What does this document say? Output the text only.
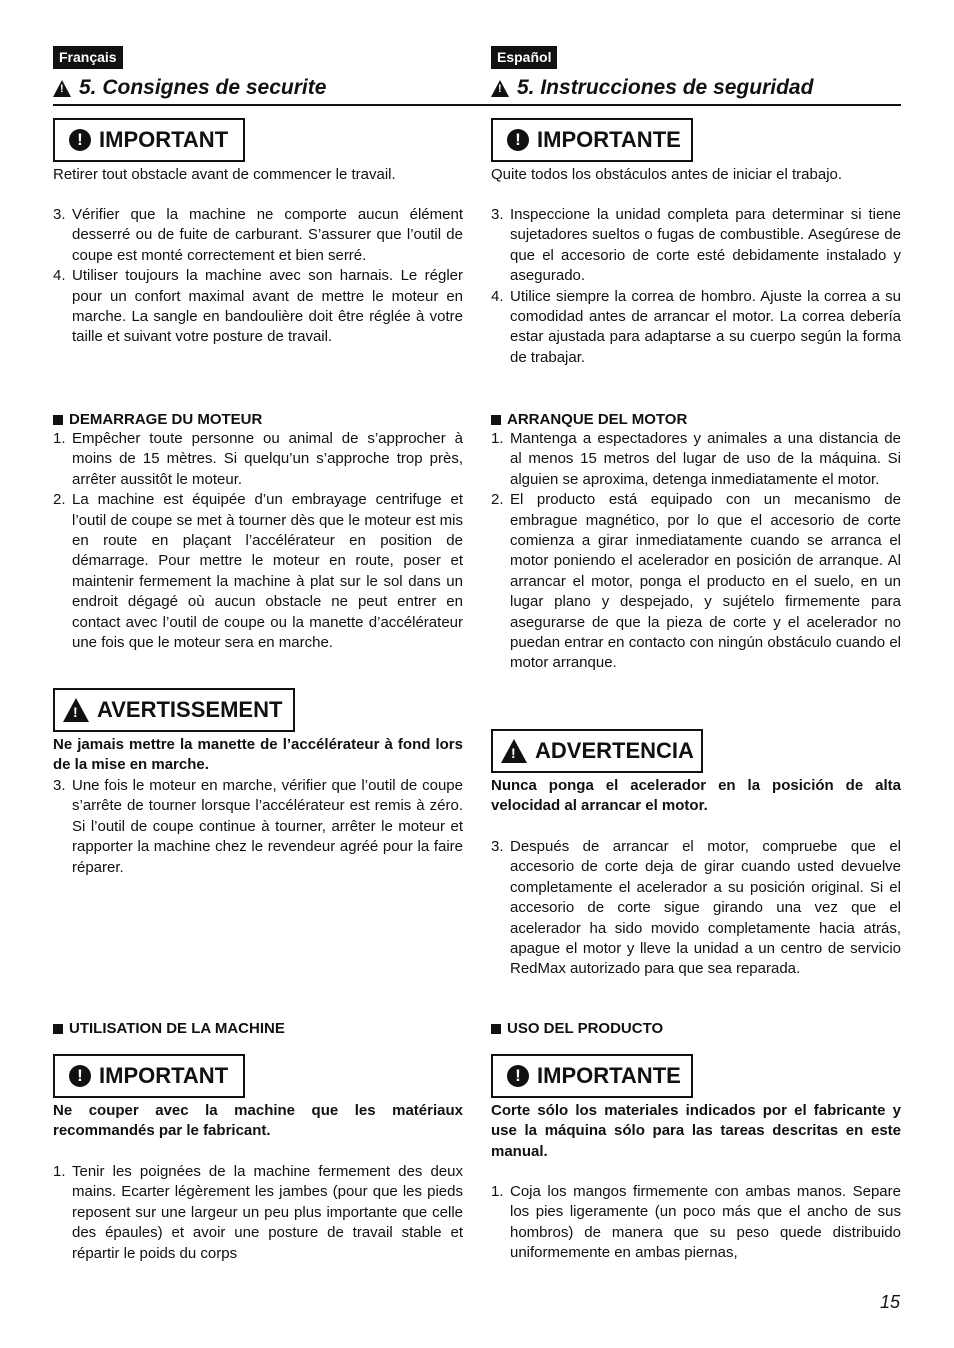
Français
!
5. Consignes de securite
! IMPORTANT

Retirer tout obstacle avant de commencer le travail.

3. Vérifier que la machine ne comporte aucun élément desserré ou de fuite de carburant. S’assurer que l’outil de coupe est monté correctement et bien serré.
4. Utiliser toujours la machine avec son harnais. Le régler pour un confort maximal avant de mettre le moteur en marche. La sangle en bandoulière doit être réglée à votre taille et suivant votre posture de travail.
DEMARRAGE DU MOTEUR
1. Empêcher toute personne ou animal de s’approcher à moins de 15 mètres. Si quelqu’un s’approche trop près, arrêter aussitôt le moteur.
2. La machine est équipée d’un embrayage centrifuge et l’outil de coupe se met à tourner dès que le moteur est mis en route en plaçant l’accélérateur en position de démarrage. Pour mettre le moteur en route, poser et maintenir fermement la machine à plat sur le sol dans un endroit dégagé où aucun obstacle ne peut entrer en contact avec l’outil de coupe ou la manette d’accélérateur une fois que le moteur sera en marche.
!
AVERTISSEMENT

Ne jamais mettre la manette de l’accélérateur à fond lors de la mise en marche.

3. Une fois le moteur en marche, vérifier que l’outil de coupe s’arrête de tourner lorsque l’accélérateur est remis à zéro. Si l’outil de coupe continue à tourner, arrêter le moteur et rapporter la machine chez le revendeur agréé pour la faire réparer.
UTILISATION DE LA MACHINE
! IMPORTANT

Ne couper avec la machine que les matériaux recommandés par le fabricant.

1. Tenir les poignées de la machine fermement des deux mains. Ecarter légèrement les jambes (pour que les pieds reposent sur une largeur un peu plus importante que celle des épaules) et avoir une posture de travail stable et répartir le poids du corps
Español
!
5. Instrucciones de seguridad
! IMPORTANTE

Quite todos los obstáculos antes de iniciar el trabajo.

3. Inspeccione la unidad completa para determinar si tiene sujetadores sueltos o fugas de combustible. Asegúrese de que el accesorio de corte esté debidamente instalado y asegurado.
4. Utilice siempre la correa de hombro. Ajuste la correa a su comodidad antes de arrancar el motor. La correa debería estar ajustada para adaptarse a su cuerpo según la forma de trabajar.
ARRANQUE DEL MOTOR
1. Mantenga a espectadores y animales a una distancia de al menos 15 metros del lugar de uso de la máquina. Si alguien se aproxima, detenga inmediatamente el motor.
2. El producto está equipado con un mecanismo de embrague magnético, por lo que el accesorio de corte comienza a girar inmediatamente cuando se arranca el motor poniendo el acelerador en posición de arranque. Al arrancar el motor, ponga el producto en el suelo, en un lugar plano y despejado, y sujételo firmemente para asegurarse de que la pieza de corte y el acelerador no puedan entrar en contacto con ningún obstáculo cuando el motor arranque.
!
ADVERTENCIA

Nunca ponga el acelerador en la posición de alta velocidad al arrancar el motor.

3. Después de arrancar el motor, compruebe que el accesorio de corte deja de girar cuando usted devuelve completamente el acelerador a su posición original. Si el accesorio de corte sigue girando una vez que el acelerador ha sido movido completamente hacia atrás, apague el motor y lleve la unidad a un centro de servicio RedMax autorizado para que sea reparada.
USO DEL PRODUCTO
! IMPORTANTE

Corte sólo los materiales indicados por el fabricante y use la máquina sólo para las tareas descritas en este manual.

1. Coja los mangos firmemente con ambas manos. Separe los pies ligeramente (un poco más que el ancho de sus hombros) de manera que su peso quede distribuido uniformemente en ambas piernas,
15
